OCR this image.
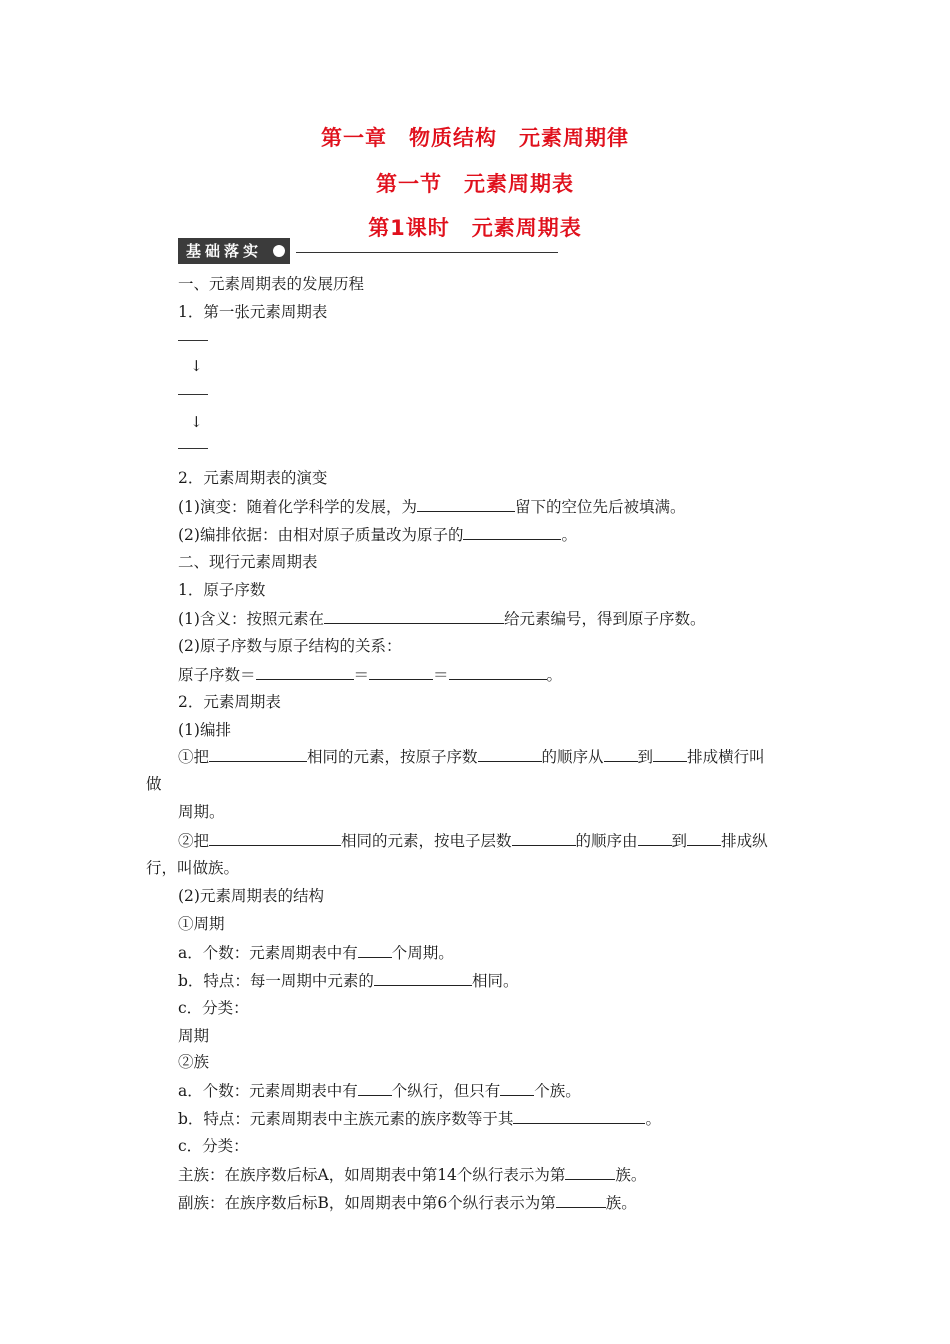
第一章　物质结构　元素周期律
第一节　元素周期表
第1课时　元素周期表
基础落实
一、元素周期表的发展历程
1．第一张元素周期表
↓
↓
2．元素周期表的演变
(1)演变：随着化学科学的发展，为	留下的空位先后被填满。
(2)编排依据：由相对原子质量改为原子的	。
二、现行元素周期表
1．原子序数
(1)含义：按照元素在	给元素编号，得到原子序数。
(2)原子序数与原子结构的关系：
原子序数＝	＝	＝	。
2．元素周期表
(1)编排
①把	相同的元素，按原子序数	的顺序从 到 排成横行叫
做
周期。
②把	相同的元素，按电子层数	的顺序由 到 排成纵
行，叫做族。
(2)元素周期表的结构
①周期
a．个数：元素周期表中有 个周期。
b．特点：每一周期中元素的	相同。
c．分类：
周期
②族
a．个数：元素周期表中有 个纵行，但只有 个族。
b．特点：元素周期表中主族元素的族序数等于其	。
c．分类：
主族：在族序数后标A，如周期表中第14个纵行表示为第	族。
副族：在族序数后标B，如周期表中第6个纵行表示为第	族。
